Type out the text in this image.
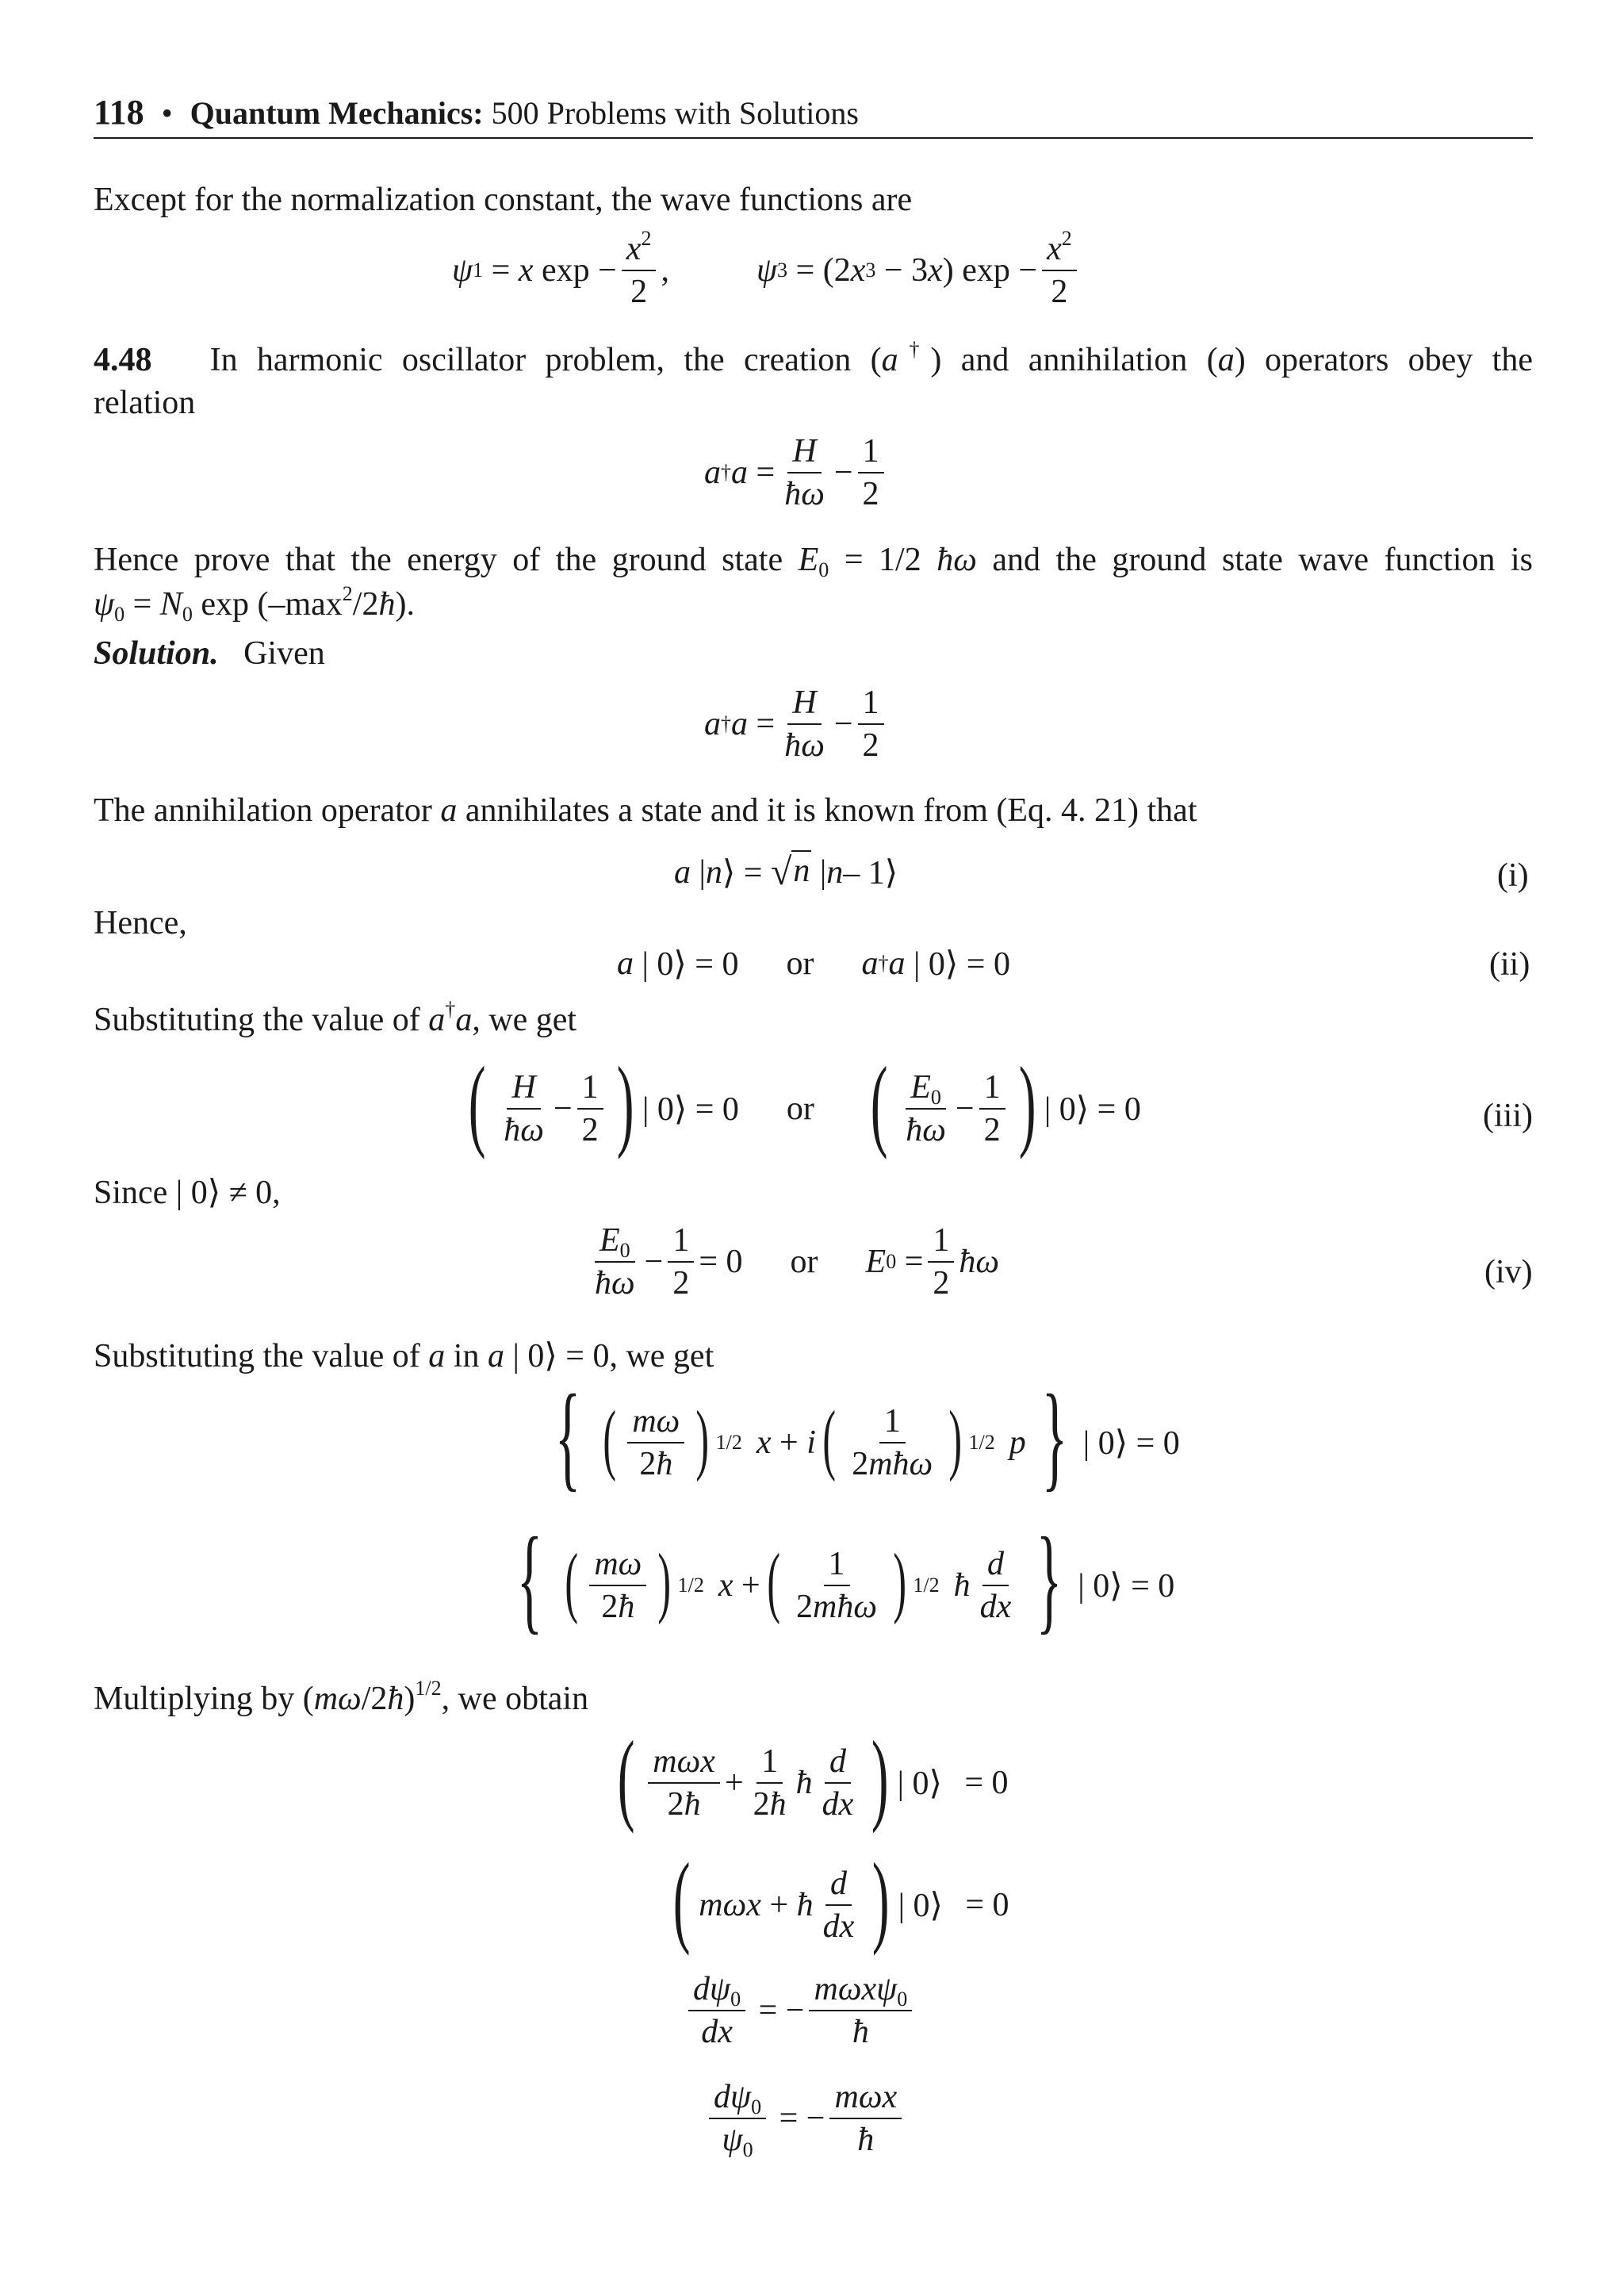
118 • Quantum Mechanics: 500 Problems with Solutions
Except for the normalization constant, the wave functions are
ψ 1 = x $\exp - \frac{x^2}{2}$ ,	ψ 3 = (2 x 3 − 3 x ) $\exp - \frac{x^2}{2}$
4.48 In harmonic oscillator problem, the creation (a†) and annihilation (a) operators obey the
relation
a † $a = \frac{H}{ħ\omega} - \frac{1}{2}$
Hence prove that the energy of the ground state $E_0 = 1/2$ ħω and the ground state wave function is
$\psi_0 = N_0$ $\exp (-\max^2/2ħ)$.
Solution. Given
a † $a = \frac{H}{ħ\omega} - \frac{1}{2}$
The annihilation operator a annihilates a state and it is known from (Eq. 4. 21) that
a | n ⟩ = √ n | n – 1⟩	(i)
Hence,
a | 0⟩ = 0 or a † a | 0⟩ = 0	(ii)
Substituting the value of a†a, we get
( $\frac{H}{ħ\omega} - \frac{1}{2}$ ) | 0⟩ = 0 or ( $\frac{E_0}{ħ\omega} - \frac{1}{2}$ ) | 0⟩ = 0	(iii)
Since | 0⟩ ≠ 0,
$\frac{E_0}{ħ\omega} - \frac{1}{2} = 0$ or E $0 = \frac{1}{2}$ ħω	(iv)
Substituting the value of a in a | 0⟩ = 0, we get
{ ( $\frac{m\omega}{2ħ}$ ) 1/2 x + i ( $\frac{1}{\text{2mħω}}$ ) 1/2 p } | 0⟩ = 0
{ ( $\frac{m\omega}{2ħ}$ ) 1/2 x + ( $\frac{1}{\text{2mħω}}$ ) 1/2 ħ $\frac{d}{dx}$ } | 0⟩ = 0
Multiplying by (mω/2ħ)$^{1/2}$, we obtain
( $\frac{\text{mωx}}{2ħ} + \frac{1}{2ħ}$ ħ $\frac{d}{dx}$ ) | 0⟩
= 0
( mωx + ħ $\frac{d}{dx}$ ) | 0⟩
= 0
$\frac{d\psi_0}{dx}$ = − $\frac{m\omega x\psi_0}{ħ}$
$\frac{d\psi_0}{\psi_0}$ = − $\frac{\text{mωx}}{ħ}$
